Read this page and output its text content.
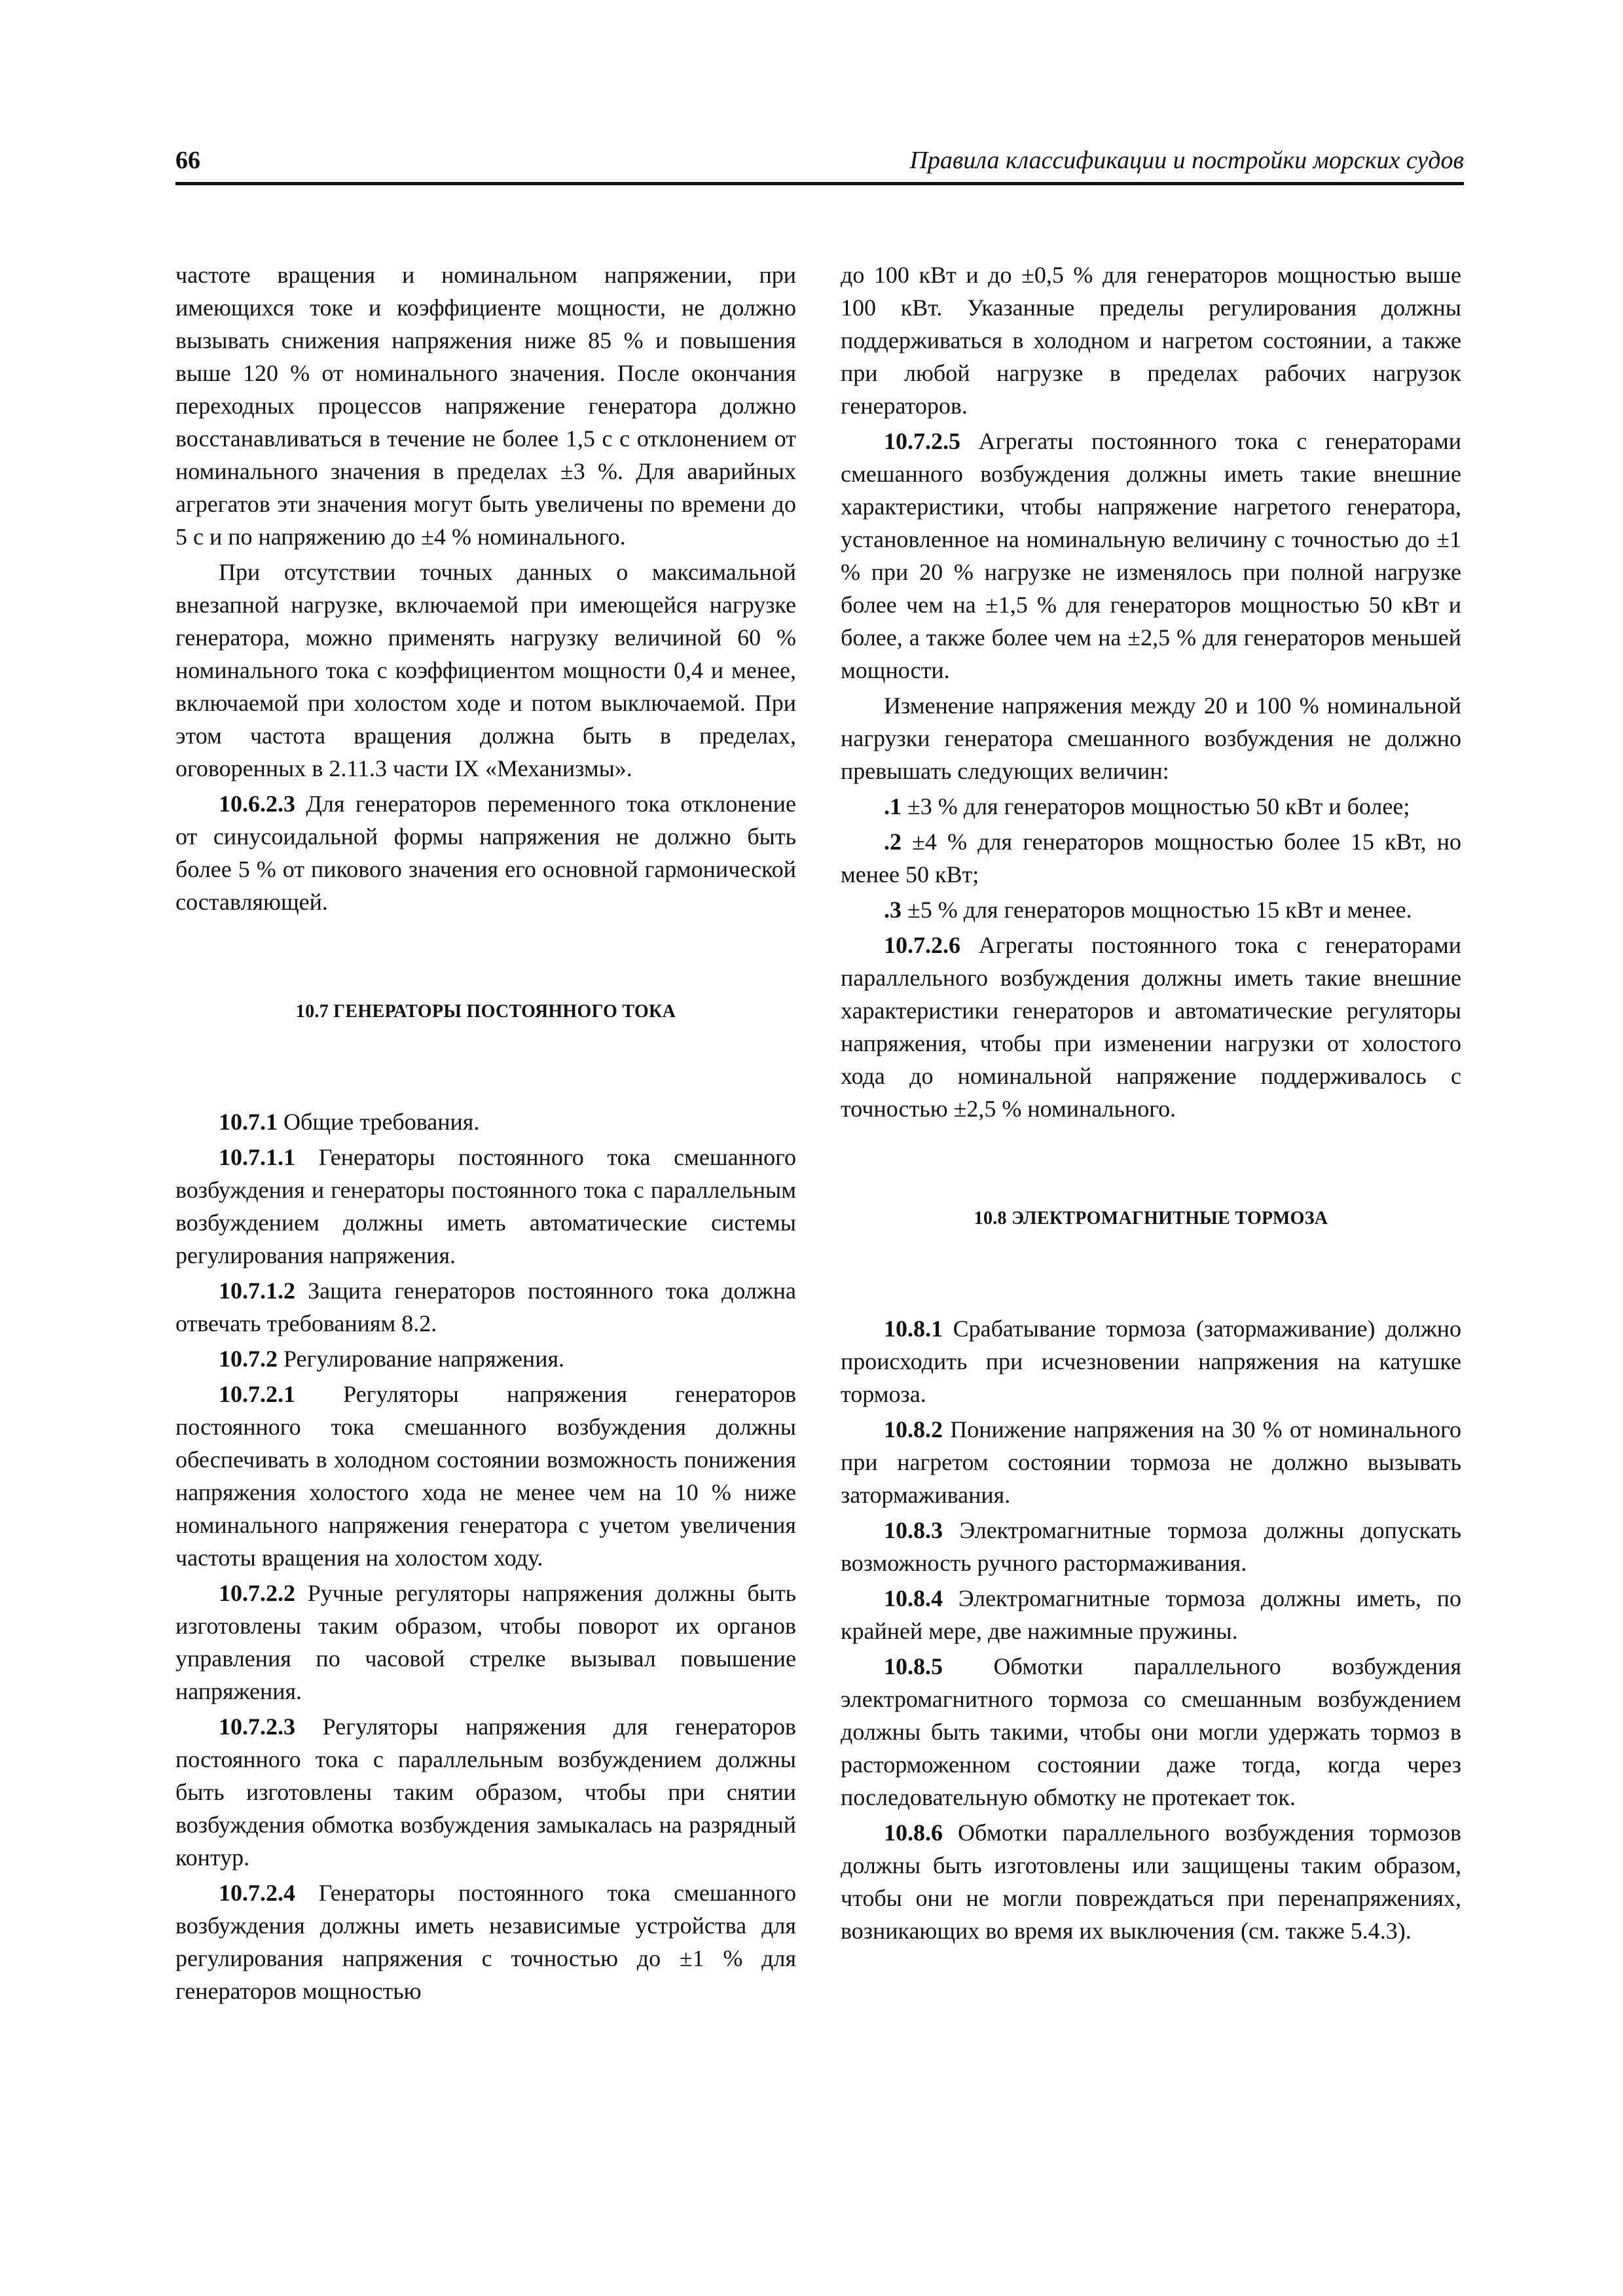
66	Правила классификации и постройки морских судов

частоте вращения и номинальном напряжении, при имеющихся токе и коэффициенте мощности, не должно вызывать снижения напряжения ниже 85 % и повышения выше 120 % от номинального значения. После окончания переходных процессов напряжение генератора должно восстанавливаться в течение не более 1,5 с с отклонением от номинального значения в пределах ±3 %. Для аварийных агрегатов эти значения могут быть увеличены по времени до 5 с и по напряжению до ±4 % номинального.

При отсутствии точных данных о максимальной внезапной нагрузке, включаемой при имеющейся нагрузке генератора, можно применять нагрузку величиной 60 % номинального тока с коэффициентом мощности 0,4 и менее, включаемой при холостом ходе и потом выключаемой. При этом частота вращения должна быть в пределах, оговоренных в 2.11.3 части IX «Механизмы».

10.6.2.3 Для генераторов переменного тока отклонение от синусоидальной формы напряжения не должно быть более 5 % от пикового значения его основной гармонической составляющей.

10.7 ГЕНЕРАТОРЫ ПОСТОЯННОГО ТОКА

10.7.1 Общие требования.

10.7.1.1 Генераторы постоянного тока смешанного возбуждения и генераторы постоянного тока с параллельным возбуждением должны иметь автоматические системы регулирования напряжения.

10.7.1.2 Защита генераторов постоянного тока должна отвечать требованиям 8.2.

10.7.2 Регулирование напряжения.

10.7.2.1 Регуляторы напряжения генераторов постоянного тока смешанного возбуждения должны обеспечивать в холодном состоянии возможность понижения напряжения холостого хода не менее чем на 10 % ниже номинального напряжения генератора с учетом увеличения частоты вращения на холостом ходу.

10.7.2.2 Ручные регуляторы напряжения должны быть изготовлены таким образом, чтобы поворот их органов управления по часовой стрелке вызывал повышение напряжения.

10.7.2.3 Регуляторы напряжения для генераторов постоянного тока с параллельным возбуждением должны быть изготовлены таким образом, чтобы при снятии возбуждения обмотка возбуждения замыкалась на разрядный контур.

10.7.2.4 Генераторы постоянного тока смешанного возбуждения должны иметь независимые устройства для регулирования напряжения с точностью до ±1 % для генераторов мощностью

до 100 кВт и до ±0,5 % для генераторов мощностью выше 100 кВт. Указанные пределы регулирования должны поддерживаться в холодном и нагретом состоянии, а также при любой нагрузке в пределах рабочих нагрузок генераторов.

10.7.2.5 Агрегаты постоянного тока с генераторами смешанного возбуждения должны иметь такие внешние характеристики, чтобы напряжение нагретого генератора, установленное на номинальную величину с точностью до ±1 % при 20 % нагрузке не изменялось при полной нагрузке более чем на ±1,5 % для генераторов мощностью 50 кВт и более, а также более чем на ±2,5 % для генераторов меньшей мощности.

Изменение напряжения между 20 и 100 % номинальной нагрузки генератора смешанного возбуждения не должно превышать следующих величин:

.1 ±3 % для генераторов мощностью 50 кВт и более;

.2 ±4 % для генераторов мощностью более 15 кВт, но менее 50 кВт;

.3 ±5 % для генераторов мощностью 15 кВт и менее.

10.7.2.6 Агрегаты постоянного тока с генераторами параллельного возбуждения должны иметь такие внешние характеристики генераторов и автоматические регуляторы напряжения, чтобы при изменении нагрузки от холостого хода до номинальной напряжение поддерживалось с точностью ±2,5 % номинального.

10.8 ЭЛЕКТРОМАГНИТНЫЕ ТОРМОЗА

10.8.1 Срабатывание тормоза (затормаживание) должно происходить при исчезновении напряжения на катушке тормоза.

10.8.2 Понижение напряжения на 30 % от номинального при нагретом состоянии тормоза не должно вызывать затормаживания.

10.8.3 Электромагнитные тормоза должны допускать возможность ручного растормаживания.

10.8.4 Электромагнитные тормоза должны иметь, по крайней мере, две нажимные пружины.

10.8.5 Обмотки параллельного возбуждения электромагнитного тормоза со смешанным возбуждением должны быть такими, чтобы они могли удержать тормоз в расторможенном состоянии даже тогда, когда через последовательную обмотку не протекает ток.

10.8.6 Обмотки параллельного возбуждения тормозов должны быть изготовлены или защищены таким образом, чтобы они не могли повреждаться при перенапряжениях, возникающих во время их выключения (см. также 5.4.3).
